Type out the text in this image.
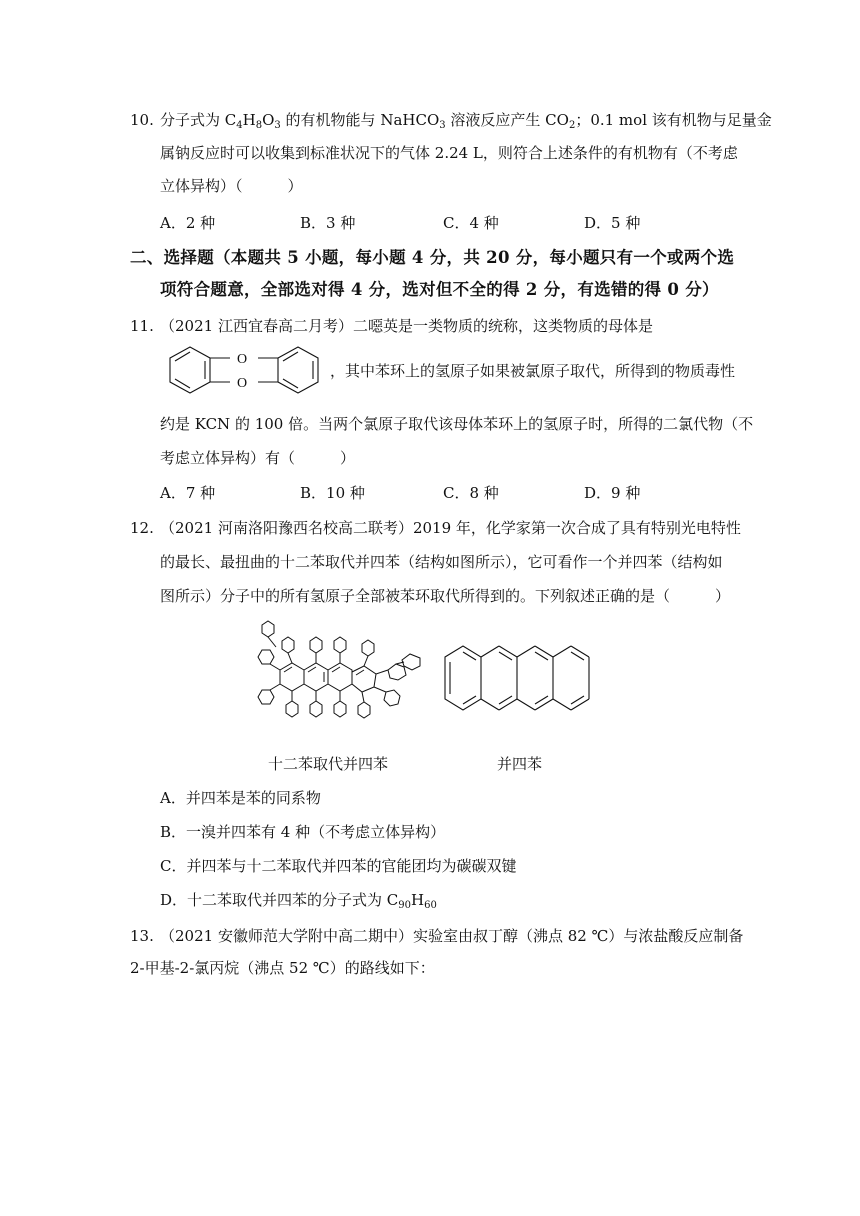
10. 分子式为 $C_4H_8O_3$ 的有机物能与 NaHCO$_3$ 溶液反应产生 $CO_2$；0.1 mol 该有机物与足量金
属钠反应时可以收集到标准状况下的气体 2.24 L，则符合上述条件的有机物有（不考虑
立体异构）（　　　）
A．2 种	B．3 种	C．4 种	D．5 种
二、选择题（本题共 5 小题，每小题 4 分，共 20 分，每小题只有一个或两个选
项符合题意，全部选对得 4 分，选对但不全的得 2 分，有选错的得 0 分）
11. （2021 江西宜春高二月考）二噁英是一类物质的统称，这类物质的母体是
O
O
，其中苯环上的氢原子如果被氯原子取代，所得到的物质毒性
约是 KCN 的 100 倍。当两个氯原子取代该母体苯环上的氢原子时，所得的二氯代物（不
考虑立体异构）有（　　　）
A．7 种	B．10 种	C．8 种	D．9 种
12. （2021 河南洛阳豫西名校高二联考）2019 年，化学家第一次合成了具有特别光电特性
的最长、最扭曲的十二苯取代并四苯（结构如图所示），它可看作一个并四苯（结构如
图所示）分子中的所有氢原子全部被苯环取代所得到的。下列叙述正确的是（　　　）
十二苯取代并四苯	并四苯
A．并四苯是苯的同系物
B．一溴并四苯有 4 种（不考虑立体异构）
C．并四苯与十二苯取代并四苯的官能团均为碳碳双键
D．十二苯取代并四苯的分子式为 $C_{90}H_{60}$
13. （2021 安徽师范大学附中高二期中）实验室由叔丁醇（沸点 82 ℃）与浓盐酸反应制备
2-甲基-2-氯丙烷（沸点 52 ℃）的路线如下：
